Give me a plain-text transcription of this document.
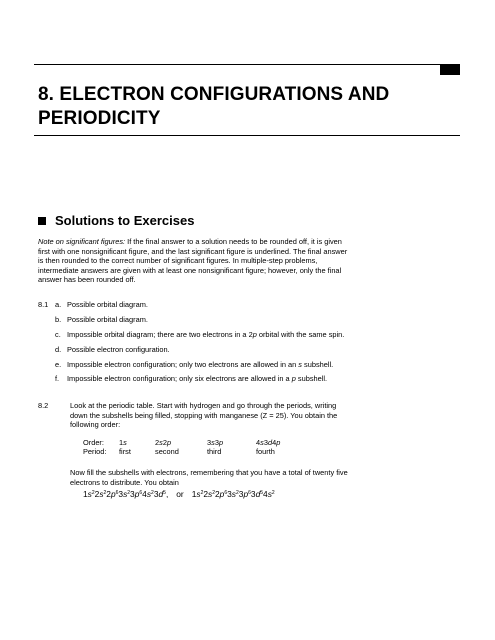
8. ELECTRON CONFIGURATIONS AND
PERIODICITY
Solutions to Exercises
Note on significant figures: If the final answer to a solution needs to be rounded off, it is given
first with one nonsignificant figure, and the last significant figure is underlined. The final answer
is then rounded to the correct number of significant figures. In multiple-step problems,
intermediate answers are given with at least one nonsignificant figure; however, only the final
answer has been rounded off.
8.1 a. Possible orbital diagram.
b. Possible orbital diagram.
c. Impossible orbital diagram; there are two electrons in a 2p orbital with the same spin.
d. Possible electron configuration.
e. Impossible electron configuration; only two electrons are allowed in an s subshell.
f.	Impossible electron configuration; only six electrons are allowed in a p subshell.
8.2	Look at the periodic table. Start with hydrogen and go through the periods, writing
down the subshells being filled, stopping with manganese (Z = 25). You obtain the
following order:
Order:	1s	2s2p	3s3p	4s3d4p
Period:	first	second	third	fourth
Now fill the subshells with electrons, remembering that you have a total of twenty five
electrons to distribute. You obtain
$1s^22s^22p^63s^23p^64s^23d^5$, or $1s^22s^22p^63s^23p^63d^54s^2$
